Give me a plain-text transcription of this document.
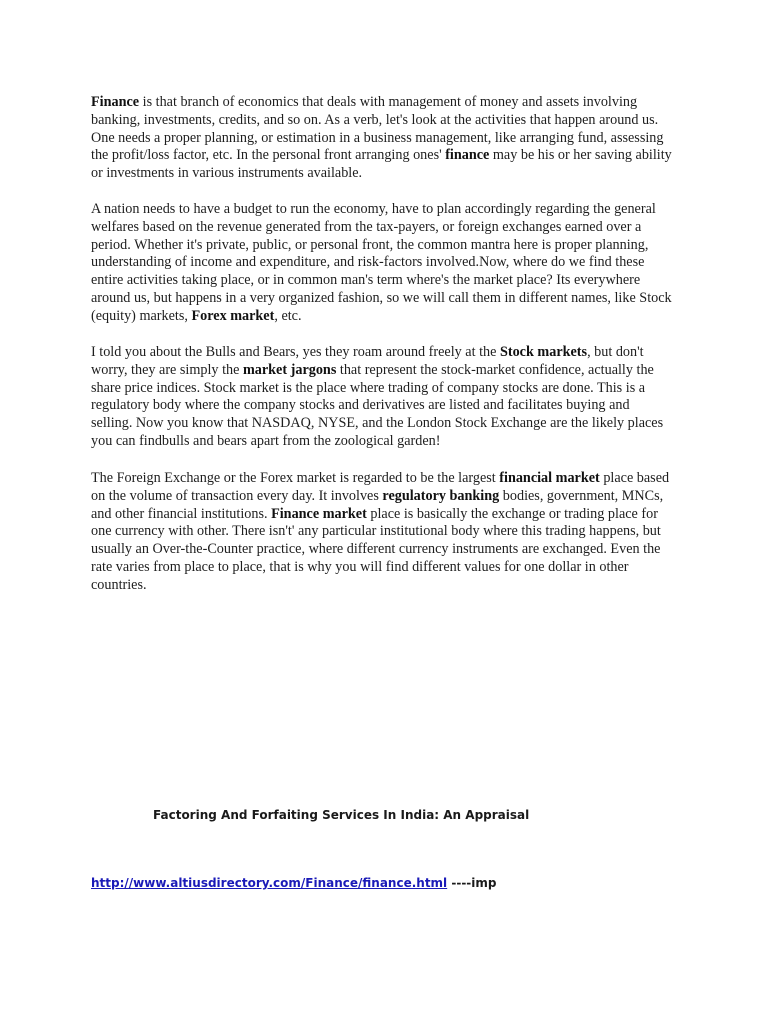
Finance is that branch of economics that deals with management of money and assets involving banking, investments, credits, and so on. As a verb, let's look at the activities that happen around us. One needs a proper planning, or estimation in a business management, like arranging fund, assessing the profit/loss factor, etc. In the personal front arranging ones' finance may be his or her saving ability or investments in various instruments available.

A nation needs to have a budget to run the economy, have to plan accordingly regarding the general welfares based on the revenue generated from the tax-payers, or foreign exchanges earned over a period. Whether it's private, public, or personal front, the common mantra here is proper planning, understanding of income and expenditure, and risk-factors involved.Now, where do we find these entire activities taking place, or in common man's term where's the market place? Its everywhere around us, but happens in a very organized fashion, so we will call them in different names, like Stock (equity) markets, Forex market, etc.

I told you about the Bulls and Bears, yes they roam around freely at the Stock markets, but don't worry, they are simply the market jargons that represent the stock-market confidence, actually the share price indices. Stock market is the place where trading of company stocks are done. This is a regulatory body where the company stocks and derivatives are listed and facilitates buying and selling. Now you know that NASDAQ, NYSE, and the London Stock Exchange are the likely places you can findbulls and bears apart from the zoological garden!

The Foreign Exchange or the Forex market is regarded to be the largest financial market place based on the volume of transaction every day. It involves regulatory banking bodies, government, MNCs, and other financial institutions. Finance market place is basically the exchange or trading place for one currency with other. There isn't' any particular institutional body where this trading happens, but usually an Over-the-Counter practice, where different currency instruments are exchanged. Even the rate varies from place to place, that is why you will find different values for one dollar in other countries.

Factoring And Forfaiting Services In India: An Appraisal

http://www.altiusdirectory.com/Finance/finance.html ----imp
